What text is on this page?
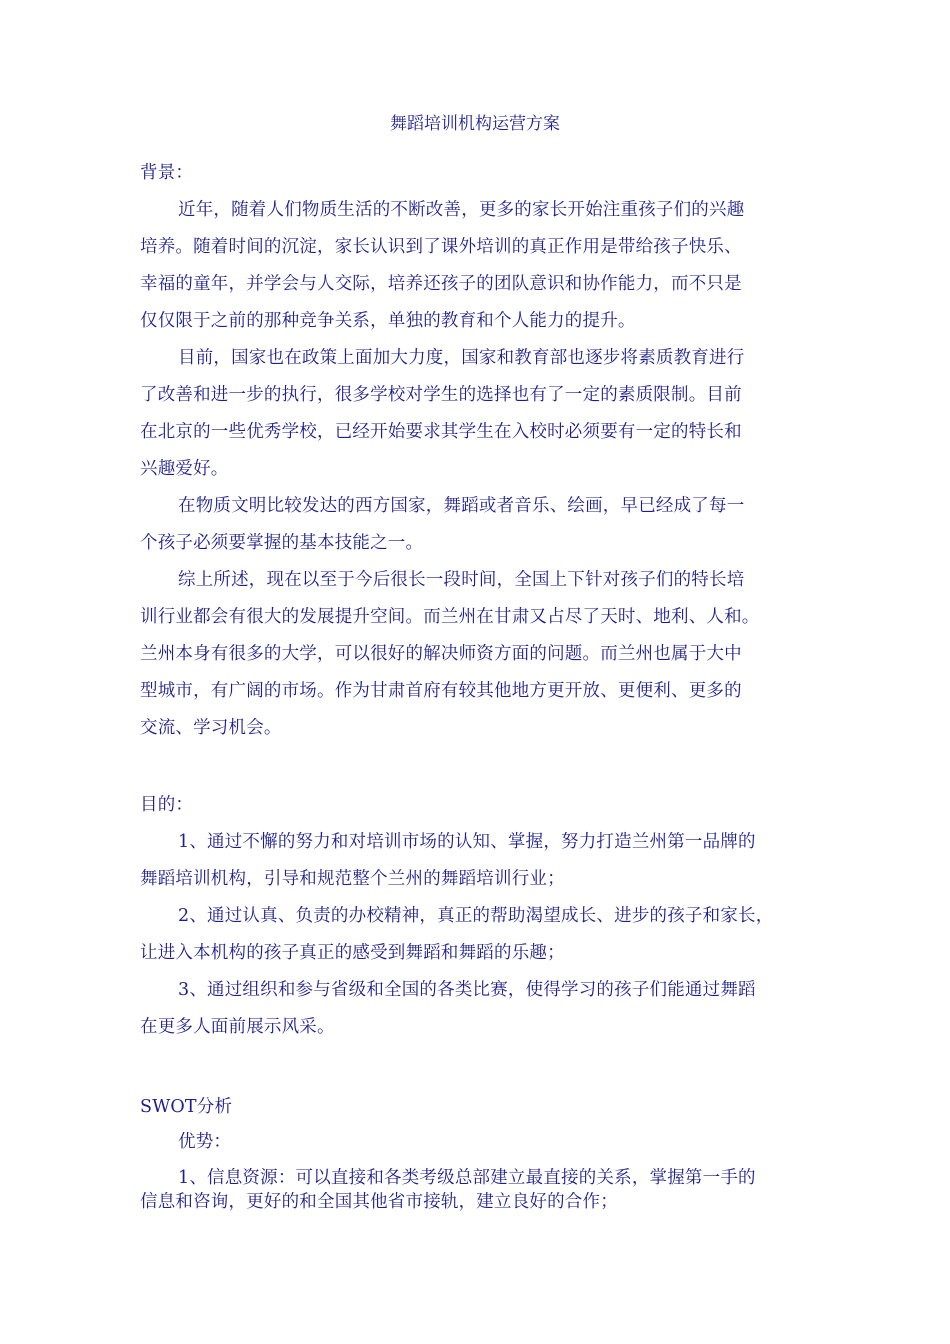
舞蹈培训机构运营方案
背景：
近年，随着人们物质生活的不断改善，更多的家长开始注重孩子们的兴趣
培养。随着时间的沉淀，家长认识到了课外培训的真正作用是带给孩子快乐、
幸福的童年，并学会与人交际，培养还孩子的团队意识和协作能力，而不只是
仅仅限于之前的那种竞争关系，单独的教育和个人能力的提升。
目前，国家也在政策上面加大力度，国家和教育部也逐步将素质教育进行
了改善和进一步的执行，很多学校对学生的选择也有了一定的素质限制。目前
在北京的一些优秀学校，已经开始要求其学生在入校时必须要有一定的特长和
兴趣爱好。
在物质文明比较发达的西方国家，舞蹈或者音乐、绘画，早已经成了每一
个孩子必须要掌握的基本技能之一。
综上所述，现在以至于今后很长一段时间，全国上下针对孩子们的特长培
训行业都会有很大的发展提升空间。而兰州在甘肃又占尽了天时、地利、人和。
兰州本身有很多的大学，可以很好的解决师资方面的问题。而兰州也属于大中
型城市，有广阔的市场。作为甘肃首府有较其他地方更开放、更便利、更多的
交流、学习机会。
目的：
1、通过不懈的努力和对培训市场的认知、掌握，努力打造兰州第一品牌的
舞蹈培训机构，引导和规范整个兰州的舞蹈培训行业；
2、通过认真、负责的办校精神，真正的帮助渴望成长、进步的孩子和家长，
让进入本机构的孩子真正的感受到舞蹈和舞蹈的乐趣；
3、通过组织和参与省级和全国的各类比赛，使得学习的孩子们能通过舞蹈
在更多人面前展示风采。
SWOT分析
优势：
1、信息资源：可以直接和各类考级总部建立最直接的关系，掌握第一手的
信息和咨询，更好的和全国其他省市接轨，建立良好的合作；
